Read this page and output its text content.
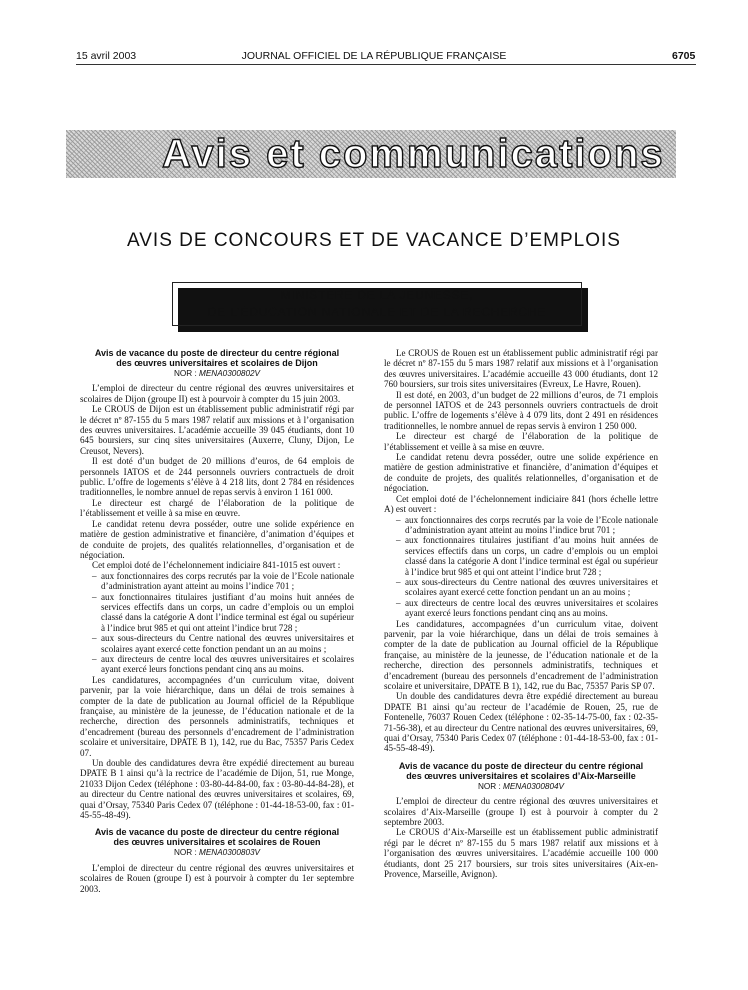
15 avril 2003	JOURNAL OFFICIEL DE LA RÉPUBLIQUE FRANÇAISE	6705
Avis et communications
AVIS DE CONCOURS ET DE VACANCE D’EMPLOIS
MINISTÈRE DE LA JEUNESSE,
DE L’ÉDUCATION NATIONALE ET DE LA RECHERCHE
Avis de vacance du poste de directeur du centre régional des œuvres universitaires et scolaires de Dijon
NOR : MENA0300802V

L’emploi de directeur du centre régional des œuvres universitaires et scolaires de Dijon (groupe II) est à pourvoir à compter du 15 juin 2003.

Le CROUS de Dijon est un établissement public administratif régi par le décret nº 87-155 du 5 mars 1987 relatif aux missions et à l’organisation des œuvres universitaires. L’académie accueille 39 045 étudiants, dont 10 645 boursiers, sur cinq sites universitaires (Auxerre, Cluny, Dijon, Le Creusot, Nevers).

Il est doté d’un budget de 20 millions d’euros, de 64 emplois de personnels IATOS et de 244 personnels ouvriers contractuels de droit public. L’offre de logements s’élève à 4 218 lits, dont 2 784 en résidences traditionnelles, le nombre annuel de repas servis à environ 1 161 000.

Le directeur est chargé de l’élaboration de la politique de l’établissement et veille à sa mise en œuvre.

Le candidat retenu devra posséder, outre une solide expérience en matière de gestion administrative et financière, d’animation d’équipes et de conduite de projets, des qualités relationnelles, d’organisation et de négociation.

Cet emploi doté de l’échelonnement indiciaire 841-1015 est ouvert :

– aux fonctionnaires des corps recrutés par la voie de l’Ecole nationale d’administration ayant atteint au moins l’indice 701 ;
– aux fonctionnaires titulaires justifiant d’au moins huit années de services effectifs dans un corps, un cadre d’emplois ou un emploi classé dans la catégorie A dont l’indice terminal est égal ou supérieur à l’indice brut 985 et qui ont atteint l’indice brut 728 ;
– aux sous-directeurs du Centre national des œuvres universitaires et scolaires ayant exercé cette fonction pendant un an au moins ;
– aux directeurs de centre local des œuvres universitaires et scolaires ayant exercé leurs fonctions pendant cinq ans au moins.

Les candidatures, accompagnées d’un curriculum vitae, doivent parvenir, par la voie hiérarchique, dans un délai de trois semaines à compter de la date de publication au Journal officiel de la République française, au ministère de la jeunesse, de l’éducation nationale et de la recherche, direction des personnels administratifs, techniques et d’encadrement (bureau des personnels d’encadrement de l’administration scolaire et universitaire, DPATE B 1), 142, rue du Bac, 75357 Paris Cedex 07.

Un double des candidatures devra être expédié directement au bureau DPATE B 1 ainsi qu’à la rectrice de l’académie de Dijon, 51, rue Monge, 21033 Dijon Cedex (téléphone : 03-80-44-84-00, fax : 03-80-44-84-28), et au directeur du Centre national des œuvres universitaires et scolaires, 69, quai d’Orsay, 75340 Paris Cedex 07 (téléphone : 01-44-18-53-00, fax : 01-45-55-48-49).

Avis de vacance du poste de directeur du centre régional des œuvres universitaires et scolaires de Rouen
NOR : MENA0300803V

L’emploi de directeur du centre régional des œuvres universitaires et scolaires de Rouen (groupe I) est à pourvoir à compter du 1er septembre 2003.

Le CROUS de Rouen est un établissement public administratif régi par le décret nº 87-155 du 5 mars 1987 relatif aux missions et à l’organisation des œuvres universitaires. L’académie accueille 43 000 étudiants, dont 12 760 boursiers, sur trois sites universitaires (Evreux, Le Havre, Rouen).

Il est doté, en 2003, d’un budget de 22 millions d’euros, de 71 emplois de personnel IATOS et de 243 personnels ouvriers contractuels de droit public. L’offre de logements s’élève à 4 079 lits, dont 2 491 en résidences traditionnelles, le nombre annuel de repas servis à environ 1 250 000.

Le directeur est chargé de l’élaboration de la politique de l’établissement et veille à sa mise en œuvre.

Le candidat retenu devra posséder, outre une solide expérience en matière de gestion administrative et financière, d’animation d’équipes et de conduite de projets, des qualités relationnelles, d’organisation et de négociation.

Cet emploi doté de l’échelonnement indiciaire 841 (hors échelle lettre A) est ouvert :

– aux fonctionnaires des corps recrutés par la voie de l’Ecole nationale d’administration ayant atteint au moins l’indice brut 701 ;
– aux fonctionnaires titulaires justifiant d’au moins huit années de services effectifs dans un corps, un cadre d’emplois ou un emploi classé dans la catégorie A dont l’indice terminal est égal ou supérieur à l’indice brut 985 et qui ont atteint l’indice brut 728 ;
– aux sous-directeurs du Centre national des œuvres universitaires et scolaires ayant exercé cette fonction pendant un an au moins ;
– aux directeurs de centre local des œuvres universitaires et scolaires ayant exercé leurs fonctions pendant cinq ans au moins.

Les candidatures, accompagnées d’un curriculum vitae, doivent parvenir, par la voie hiérarchique, dans un délai de trois semaines à compter de la date de publication au Journal officiel de la République française, au ministère de la jeunesse, de l’éducation nationale et de la recherche, direction des personnels administratifs, techniques et d’encadrement (bureau des personnels d’encadrement de l’administration scolaire et universitaire, DPATE B 1), 142, rue du Bac, 75357 Paris SP 07.

Un double des candidatures devra être expédié directement au bureau DPATE B1 ainsi qu’au recteur de l’académie de Rouen, 25, rue de Fontenelle, 76037 Rouen Cedex (téléphone : 02-35-14-75-00, fax : 02-35-71-56-38), et au directeur du Centre national des œuvres universitaires, 69, quai d’Orsay, 75340 Paris Cedex 07 (téléphone : 01-44-18-53-00, fax : 01-45-55-48-49).

Avis de vacance du poste de directeur du centre régional des œuvres universitaires et scolaires d’Aix-Marseille
NOR : MENA0300804V

L’emploi de directeur du centre régional des œuvres universitaires et scolaires d’Aix-Marseille (groupe I) est à pourvoir à compter du 2 septembre 2003.

Le CROUS d’Aix-Marseille est un établissement public administratif régi par le décret nº 87-155 du 5 mars 1987 relatif aux missions et à l’organisation des œuvres universitaires. L’académie accueille 100 000 étudiants, dont 25 217 boursiers, sur trois sites universitaires (Aix-en-Provence, Marseille, Avignon).
